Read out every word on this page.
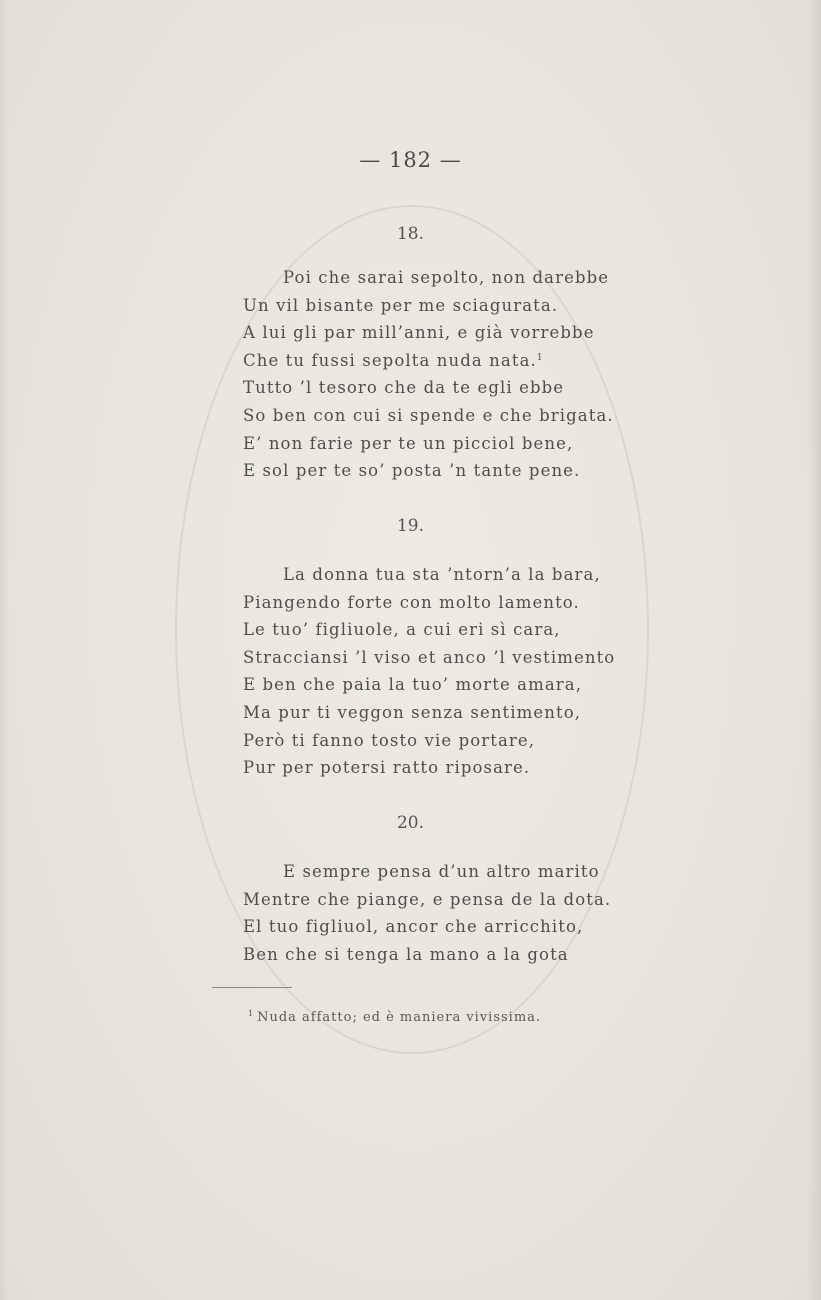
— 182 —
18.
Poi che sarai sepolto, non darebbe
Un vil bisante per me sciagurata.
A lui gli par mill’anni, e già vorrebbe
Che tu fussi sepolta nuda nata.$^1$
Tutto ’l tesoro che da te egli ebbe
So ben con cui si spende e che brigata.
E’ non farie per te un picciol bene,
E sol per te so’ posta ’n tante pene.
19.
La donna tua sta ’ntorn’a la bara,
Piangendo forte con molto lamento.
Le tuo’ figliuole, a cui eri sì cara,
Stracciansi ’l viso et anco ’l vestimento
E ben che paia la tuo’ morte amara,
Ma pur ti veggon senza sentimento,
Però ti fanno tosto vie portare,
Pur per potersi ratto riposare.
20.
E sempre pensa d’un altro marito
Mentre che piange, e pensa de la dota.
El tuo figliuol, ancor che arricchito,
Ben che si tenga la mano a la gota
$^1$ Nuda affatto; ed è maniera vivissima.
